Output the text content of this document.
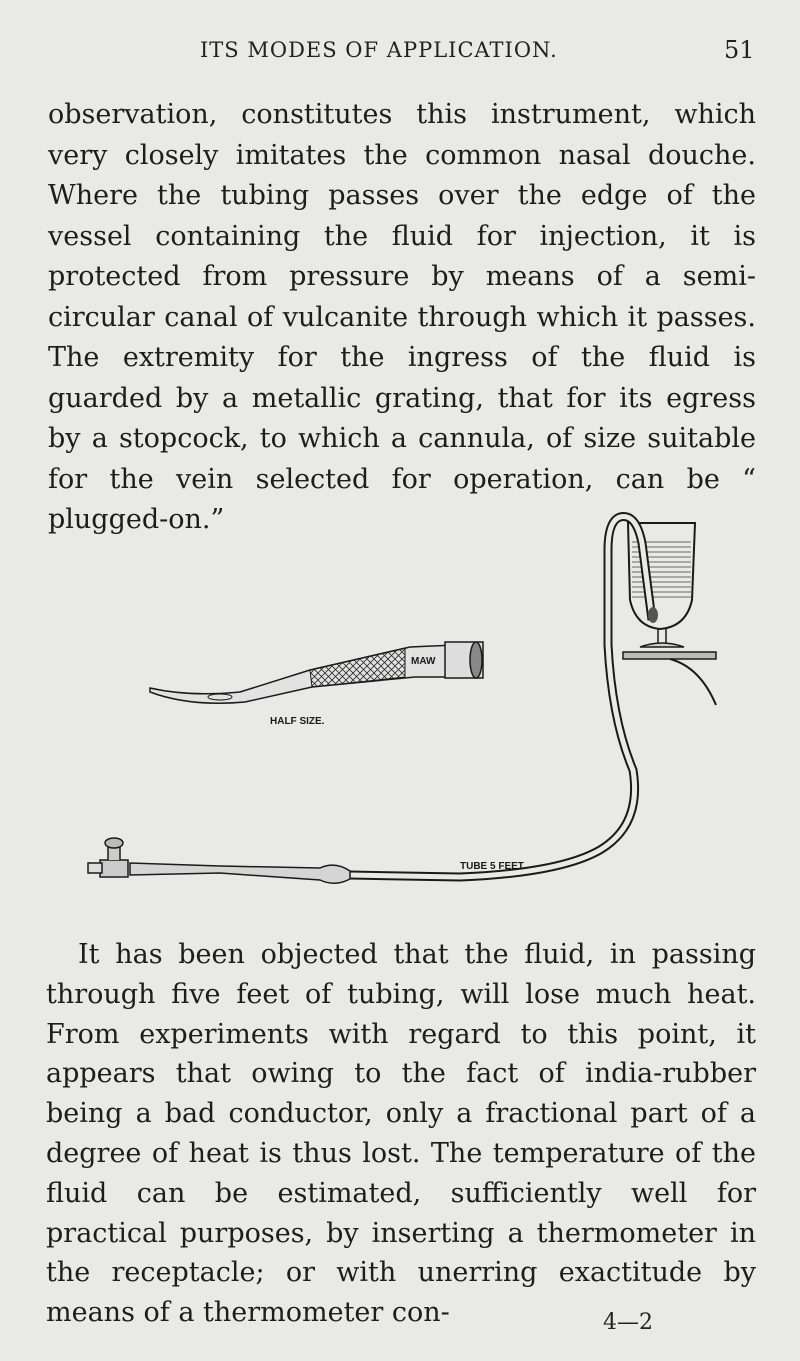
ITS MODES OF APPLICATION.	51

observation, constitutes this instrument, which very closely imitates the common nasal douche. Where the tubing passes over the edge of the vessel containing the fluid for injection, it is protected from pressure by means of a semi-circular canal of vulcanite through which it passes. The extremity for the ingress of the fluid is guarded by a metallic grating, that for its egress by a stopcock, to which a cannula, of size suitable for the vein selected for operation, can be “ plugged-on.”

MAW
HALF SIZE.
TUBE 5 FEET

It has been objected that the fluid, in passing through five feet of tubing, will lose much heat. From experiments with regard to this point, it appears that owing to the fact of india-rubber being a bad conductor, only a fractional part of a degree of heat is thus lost. The temperature of the fluid can be estimated, sufficiently well for practical purposes, by inserting a thermometer in the receptacle; or with unerring exactitude by means of a thermometer con-	4—2
